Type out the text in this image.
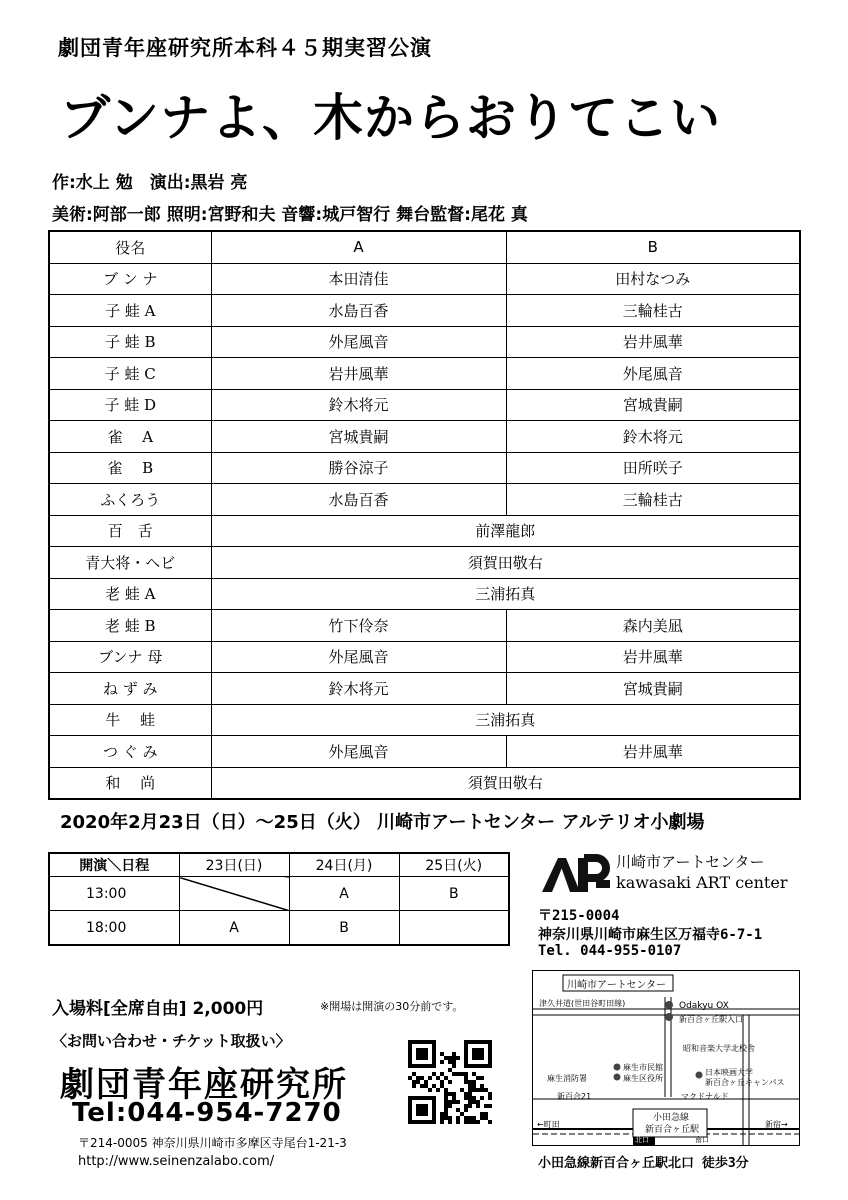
劇団青年座研究所本科４５期実習公演
ブンナよ、木からおりてこい
作:水上 勉　演出:黒岩 亮
美術:阿部一郎 照明:宮野和夫 音響:城戸智行 舞台監督:尾花 真
役名	A	B
ブ ン ナ	本田清佳	田村なつみ
子 蛙 A	水島百香	三輪桂古
子 蛙 B	外尾風音	岩井風華
子 蛙 C	岩井風華	外尾風音
子 蛙 D	鈴木将元	宮城貴嗣
雀　 A	宮城貴嗣	鈴木将元
雀　 B	勝谷涼子	田所咲子
ふくろう	水島百香	三輪桂古
百　舌	前澤龍郎	
青大将・ヘビ	須賀田敬右	
老 蛙 A	三浦拓真	
老 蛙 B	竹下伶奈	森内美凪
ブンナ 母	外尾風音	岩井風華
ね ず み	鈴木将元	宮城貴嗣
牛　 蛙	三浦拓真	
つ ぐ み	外尾風音	岩井風華
和　 尚	須賀田敬右	
2020年2月23日（日）～25日（火） 川崎市アートセンター アルテリオ小劇場
開演＼日程	23日(日)	24日(月)	25日(火)
13:00		A	B
18:00	A	B	
入場料[全席自由] 2,000円	※開場は開演の30分前です。
〈お問い合わせ・チケット取扱い〉
劇団青年座研究所
Tel:044-954-7270
〒214-0005 神奈川県川崎市多摩区寺尾台1-21-3
http://www.seinenzalabo.com/
川崎市アートセンター
kawasaki ART center
〒215-0004
神奈川県川崎市麻生区万福寺6-7-1
Tel. 044-955-0107
川崎市アートセンター
津久井道(世田谷町田線)	Odakyu OX
新百合ヶ丘駅入口
昭和音楽大学北校舎
日本映画大学
新百合ヶ丘キャンパス
麻生市民館
麻生区役所
麻生消防署
マクドナルド
新百合21
小田急線
新百合ヶ丘駅
北口	南口
←町田	新宿→
小田急線新百合ヶ丘駅北口 徒歩3分
